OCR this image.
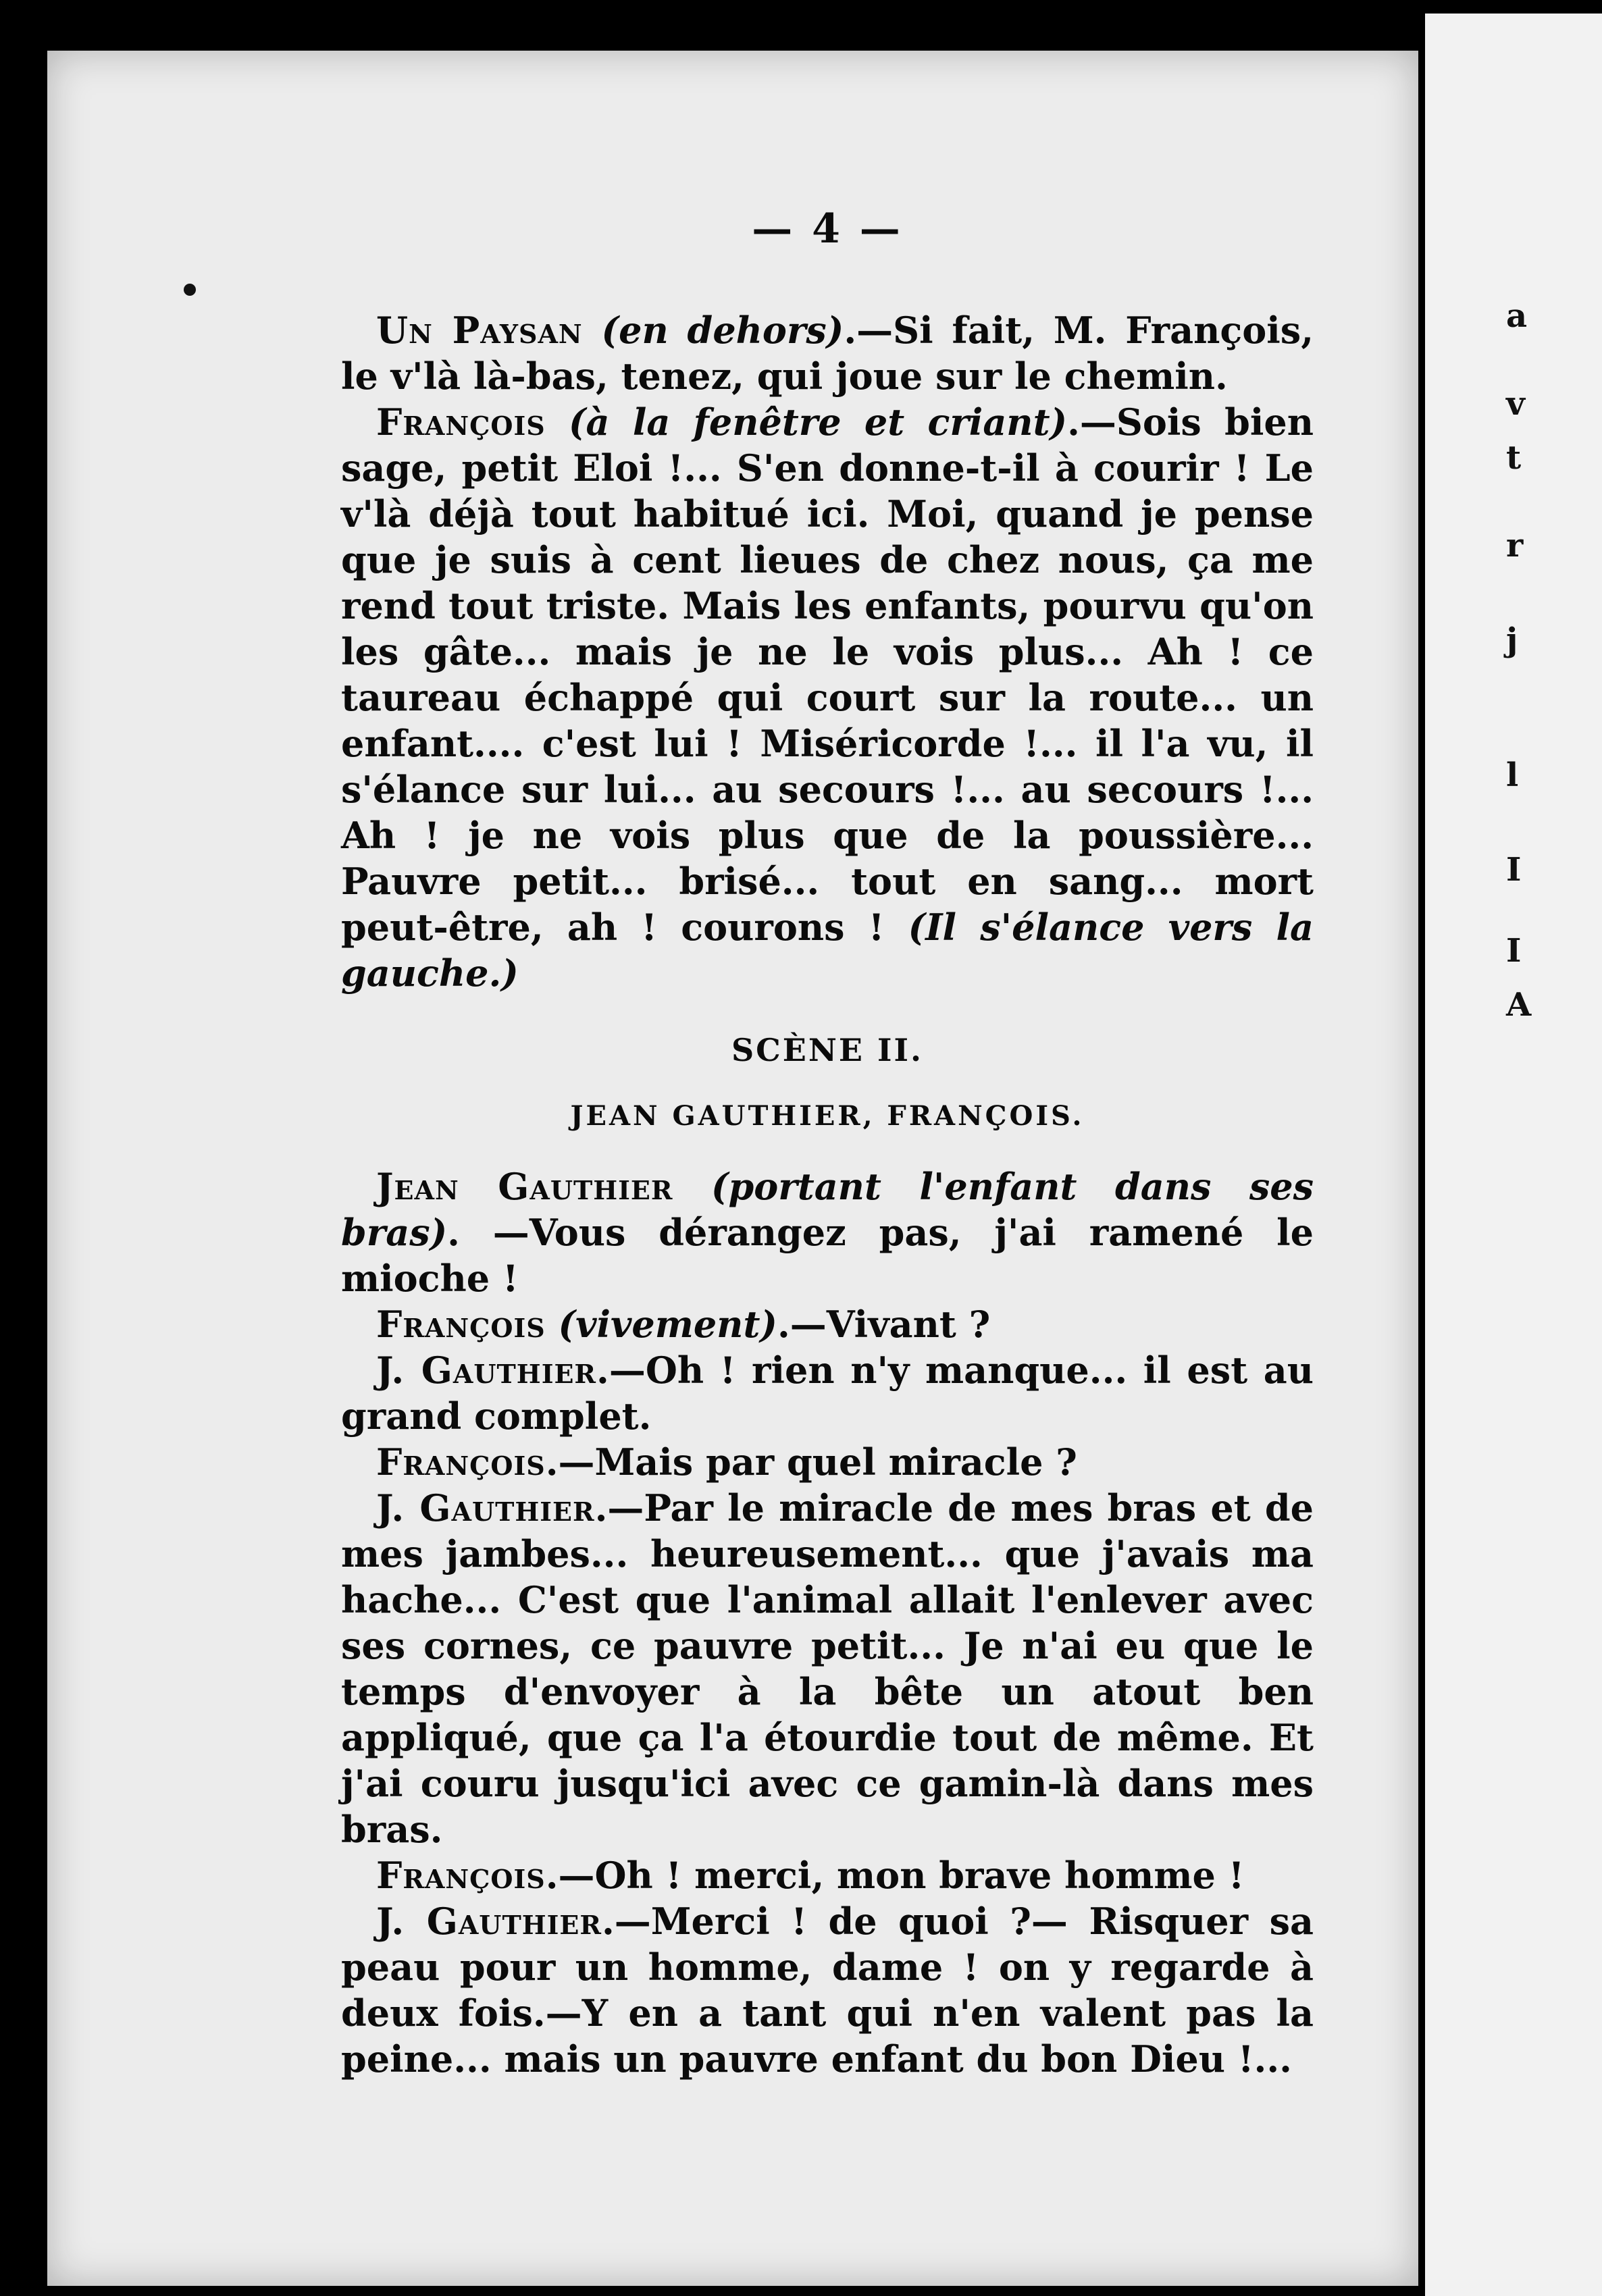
a
v
t
r
j
l
I
I
A
— 4 —

Un Paysan (en dehors).—Si fait, M. François, le v'là là-bas, tenez, qui joue sur le chemin.

François (à la fenêtre et criant).—Sois bien sage, petit Eloi !... S'en donne-t-il à courir ! Le v'là déjà tout habitué ici. Moi, quand je pense que je suis à cent lieues de chez nous, ça me rend tout triste. Mais les enfants, pourvu qu'on les gâte... mais je ne le vois plus... Ah ! ce taureau échappé qui court sur la route... un enfant.... c'est lui ! Miséricorde !... il l'a vu, il s'élance sur lui... au secours !... au secours !... Ah ! je ne vois plus que de la poussière... Pauvre petit... brisé... tout en sang... mort peut-être, ah ! courons ! (Il s'élance vers la gauche.)

SCÈNE II.
JEAN GAUTHIER, FRANÇOIS.

Jean Gauthier (portant l'enfant dans ses bras). —Vous dérangez pas, j'ai ramené le mioche !

François (vivement).—Vivant ?

J. Gauthier.—Oh ! rien n'y manque... il est au grand complet.

François.—Mais par quel miracle ?

J. Gauthier.—Par le miracle de mes bras et de mes jambes... heureusement... que j'avais ma hache... C'est que l'animal allait l'enlever avec ses cornes, ce pauvre petit... Je n'ai eu que le temps d'envoyer à la bête un atout ben appliqué, que ça l'a étourdie tout de même. Et j'ai couru jusqu'ici avec ce gamin-là dans mes bras.

François.—Oh ! merci, mon brave homme !

J. Gauthier.—Merci ! de quoi ?— Risquer sa peau pour un homme, dame ! on y regarde à deux fois.—Y en a tant qui n'en valent pas la peine... mais un pauvre enfant du bon Dieu !...
